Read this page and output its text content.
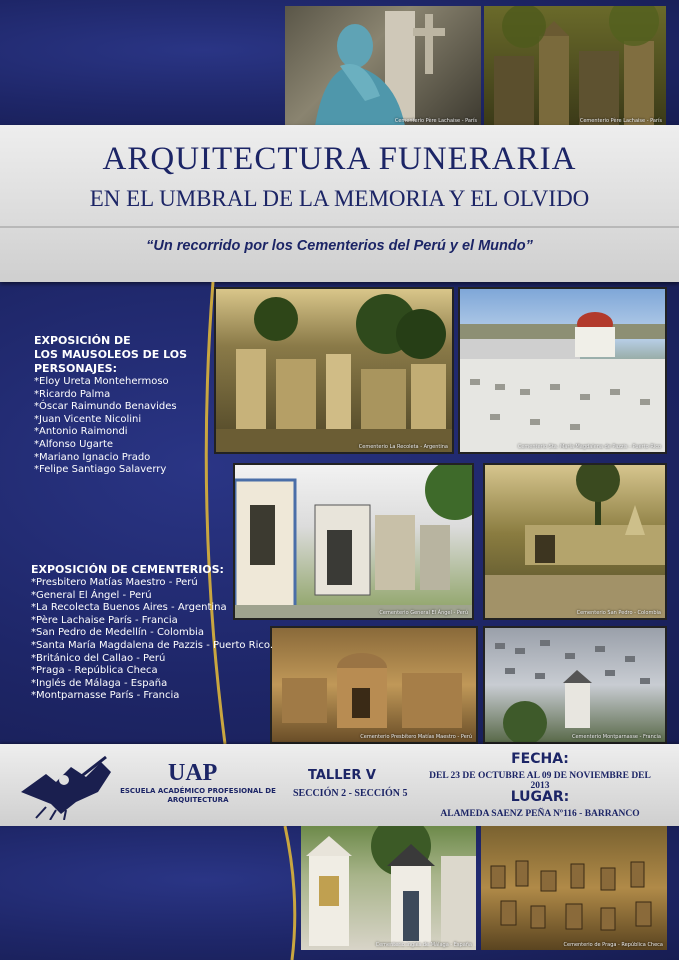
Cementerio Père Lachaise - París	Cementerio Père Lachaise - París
ARQUITECTURA FUNERARIA
EN EL UMBRAL DE LA MEMORIA Y EL OLVIDO
“Un recorrido por los Cementerios del Perú y el Mundo”
Cementerio La Recoleta - Argentina	Cementerio Sta. María Magdalena de Pazzis - Puerto Rico
Cementerio General El Ángel - Perú	Cementerio San Pedro - Colombia
Cementerio Presbítero Matías Maestro - Perú	Cementerio Montparnasse - Francia
EXPOSICIÓN DE
LOS MAUSOLEOS DE LOS
PERSONAJES:
*Eloy Ureta Montehermoso
*Ricardo Palma
*Óscar Raimundo Benavides
*Juan Vicente Nicolini
*Antonio Raimondi
*Alfonso Ugarte
*Mariano Ignacio Prado
*Felipe Santiago Salaverry
EXPOSICIÓN DE CEMENTERIOS:
*Presbitero Matías Maestro - Perú
*General El Ángel - Perú
*La Recolecta Buenos Aires - Argentina
*Père Lachaise París - Francia
*San Pedro de Medellín - Colombia
*Santa María Magdalena de Pazzis - Puerto Rico.
*Británico del Callao - Perú
*Praga - República Checa
*Inglés de Málaga - España
*Montparnasse París - Francia
UAP
ESCUELA ACADÉMICO PROFESIONAL DE
ARQUITECTURA
TALLER V
SECCIÓN 2 - SECCIÓN 5
FECHA:
DEL 23 DE OCTUBRE AL 09 DE NOVIEMBRE DEL 2013
LUGAR:
ALAMEDA SAENZ PEÑA Nº116 - BARRANCO
Cementerio Inglés de Málaga - España	Cementerio de Praga - República Checa
